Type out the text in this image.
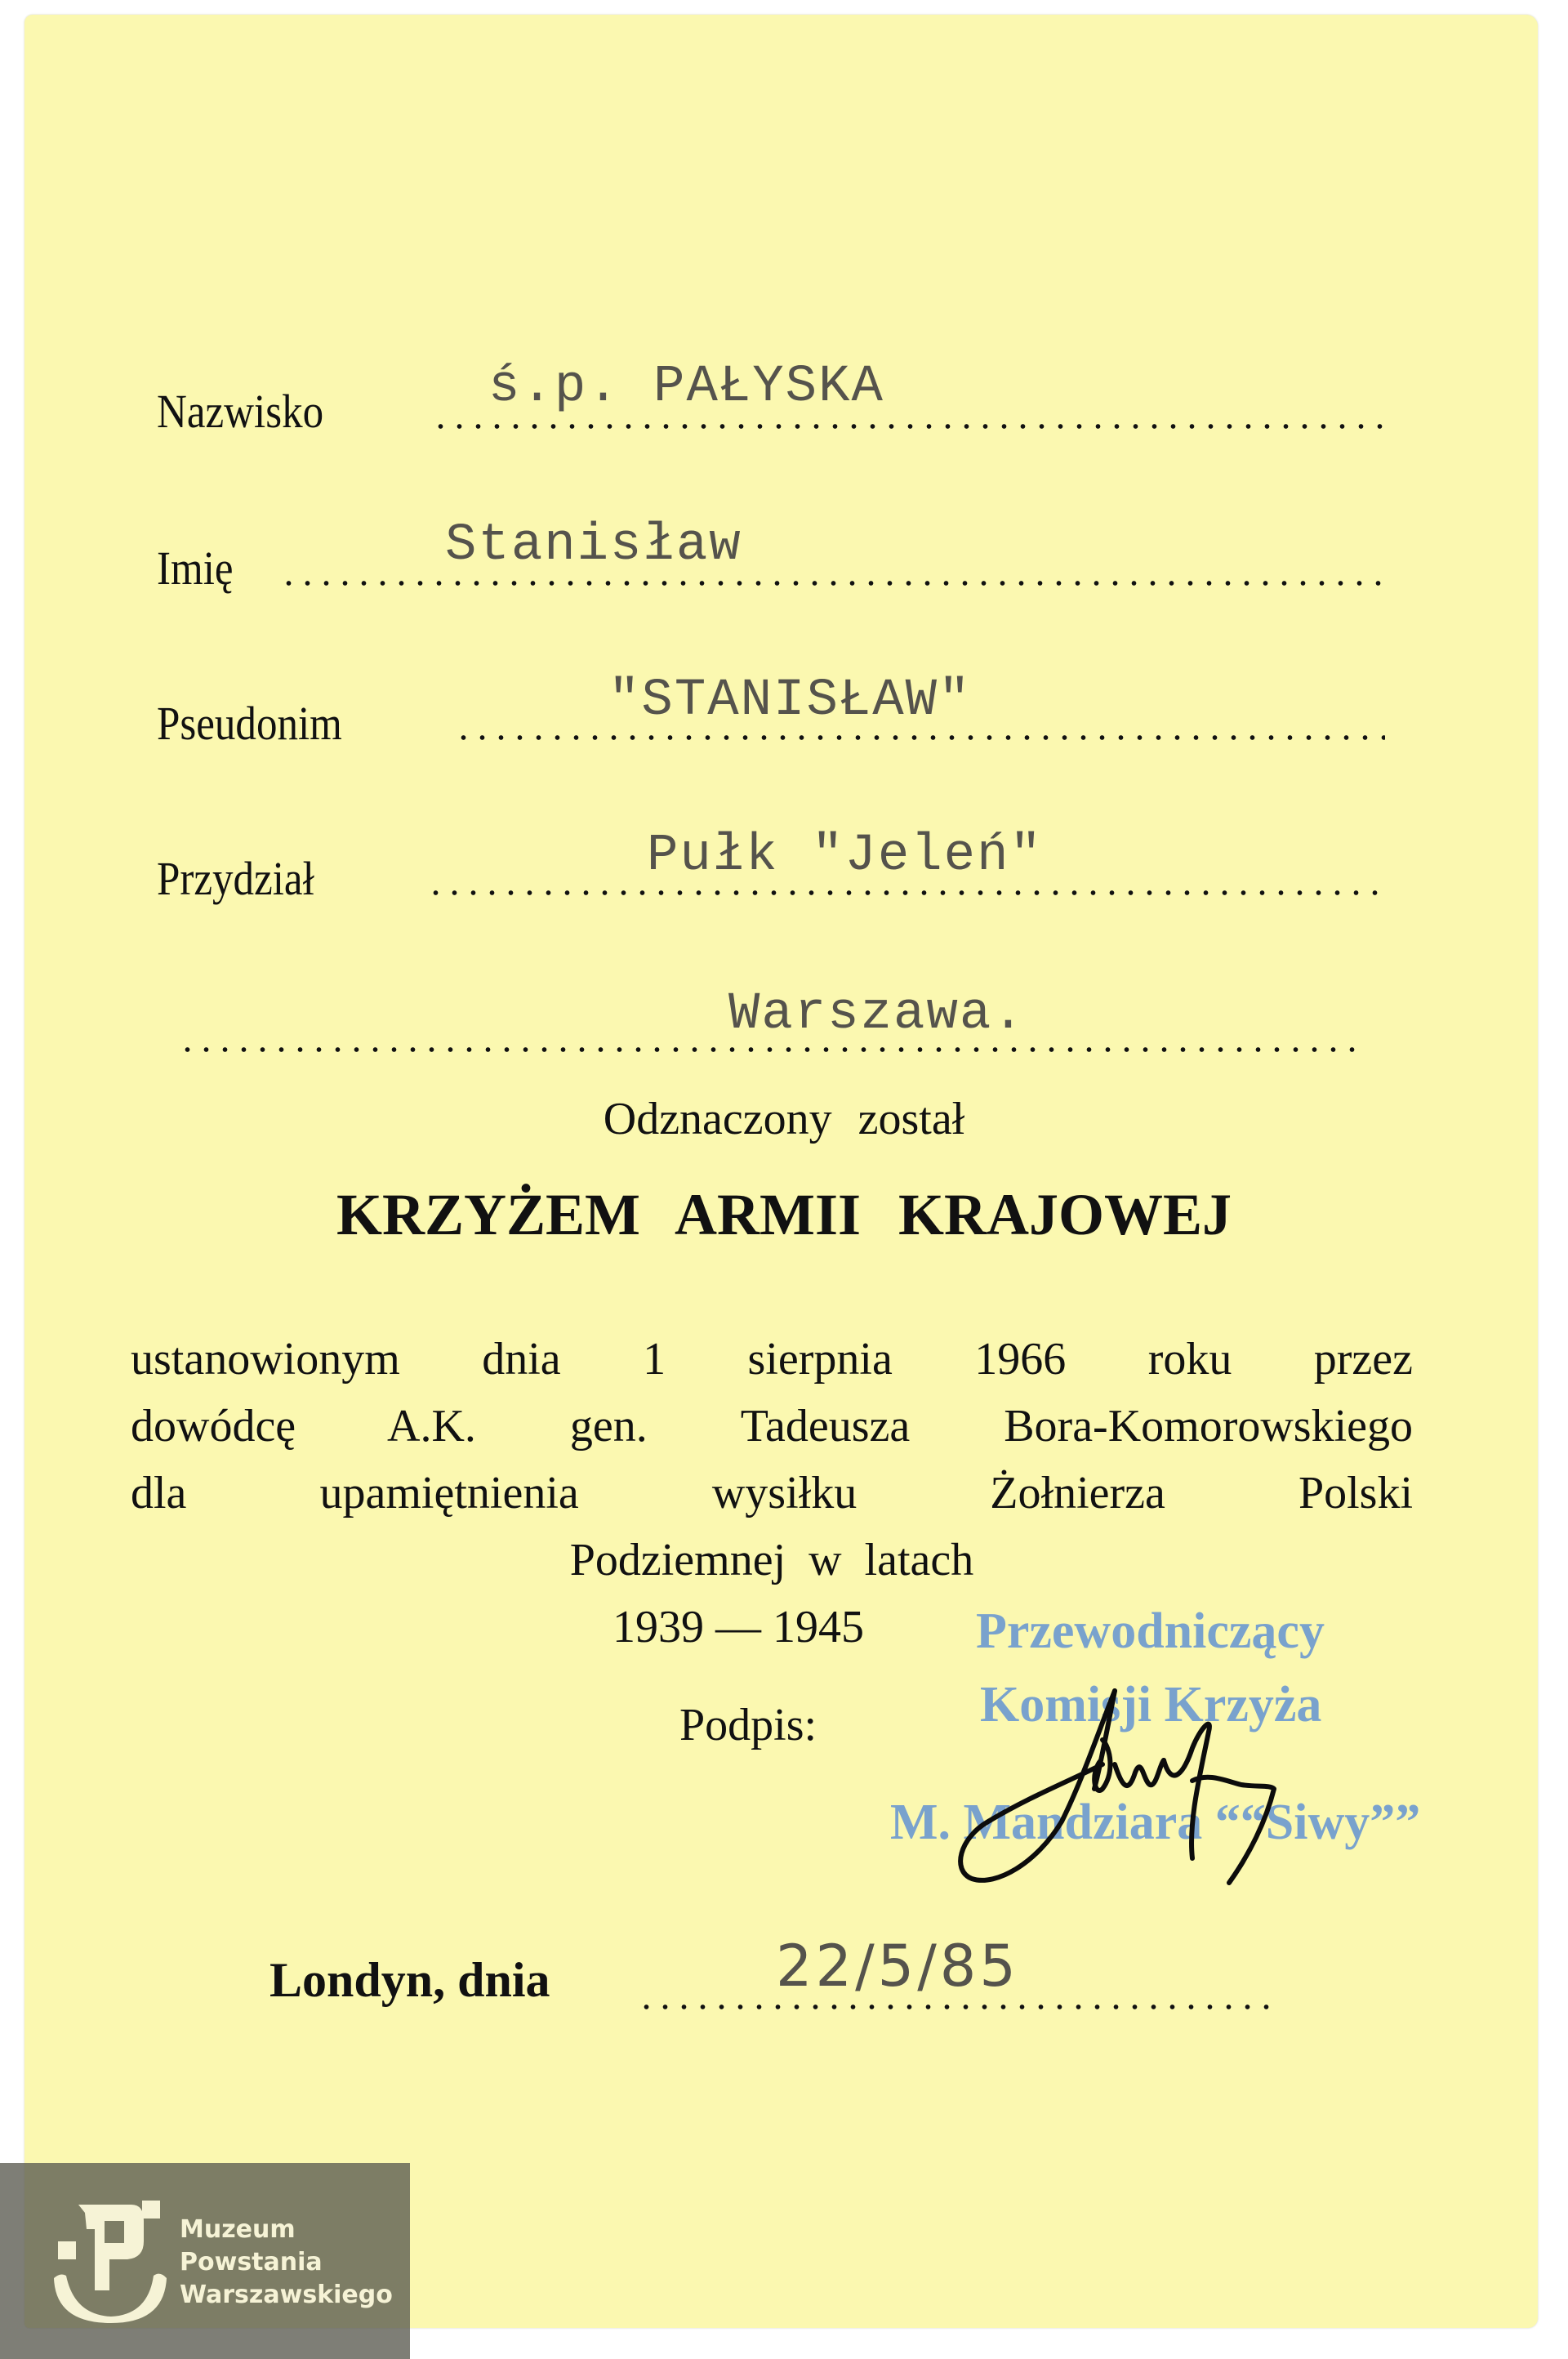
Nazwisko	ś.p. PAŁYSKA
Imię	Stanisław
Pseudonim	"STANISŁAW"
Przydział	Pułk "Jeleń"
Warszawa.
Odznaczony został
KRZYŻEM ARMII KRAJOWEJ
ustanowionym dnia 1 sierpnia 1966 roku przez
dowódcę A.K. gen. Tadeusza Bora-Komorowskiego
dla upamiętnienia wysiłku Żołnierza Polski
Podziemnej w latach
1939 — 1945
Podpis:
Przewodniczący
Komisji Krzyża
M. Mandziara ““Siwy””
Londyn, dnia	22/5/85
Muzeum
Powstania
Warszawskiego
